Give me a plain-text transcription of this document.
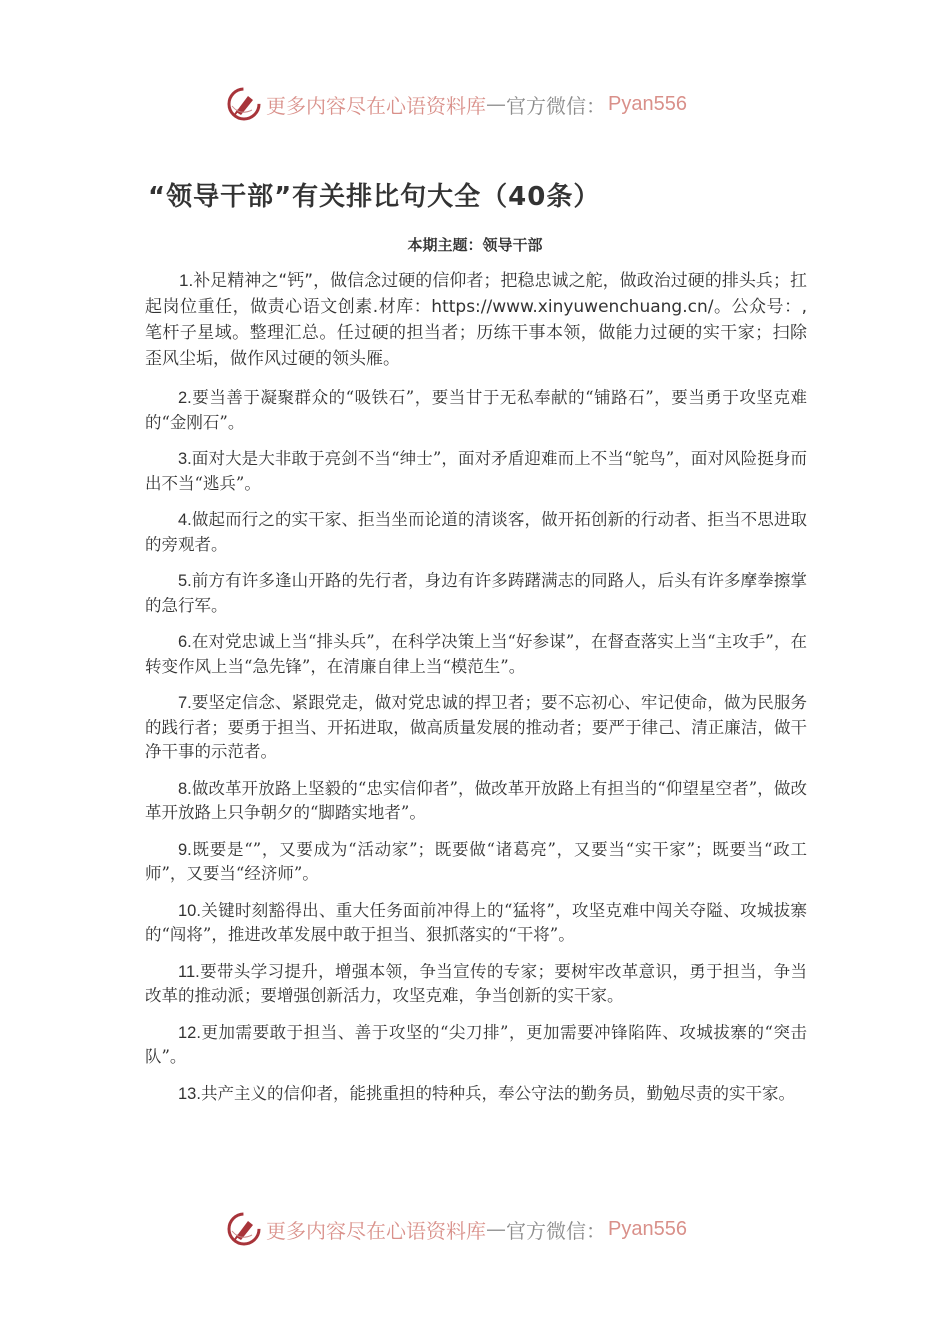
更多内容尽在心语资料库 — 官方微信： Pyan556
“领导干部”有关排比句大全（40条）
本期主题：领导干部

1.补足精神之“钙”，做信念过硬的信仰者；把稳忠诚之舵，做政治过硬的排头兵；扛起岗位重任，做责心语文创素.材库：https://www.xinyuwenchuang.cn/。公众号：,笔杆子星域。整理汇总。任过硬的担当者；历练干事本领，做能力过硬的实干家；扫除歪风尘垢，做作风过硬的领头雁。

2.要当善于凝聚群众的“吸铁石”，要当甘于无私奉献的“铺路石”，要当勇于攻坚克难的“金刚石”。

3.面对大是大非敢于亮剑不当“绅士”，面对矛盾迎难而上不当“鸵鸟”，面对风险挺身而出不当“逃兵”。

4.做起而行之的实干家、拒当坐而论道的清谈客，做开拓创新的行动者、拒当不思进取的旁观者。

5.前方有许多逢山开路的先行者，身边有许多踌躇满志的同路人，后头有许多摩拳擦掌的急行军。

6.在对党忠诚上当“排头兵”，在科学决策上当“好参谋”，在督查落实上当“主攻手”，在转变作风上当“急先锋”，在清廉自律上当“模范生”。

7.要坚定信念、紧跟党走，做对党忠诚的捍卫者；要不忘初心、牢记使命，做为民服务的践行者；要勇于担当、开拓进取，做高质量发展的推动者；要严于律己、清正廉洁，做干净干事的示范者。

8.做改革开放路上坚毅的“忠实信仰者”，做改革开放路上有担当的“仰望星空者”，做改革开放路上只争朝夕的“脚踏实地者”。

9.既要是“”，又要成为“活动家”；既要做“诸葛亮”，又要当“实干家”；既要当“政工师”，又要当“经济师”。

10.关键时刻豁得出、重大任务面前冲得上的“猛将”，攻坚克难中闯关夺隘、攻城拔寨的“闯将”，推进改革发展中敢于担当、狠抓落实的“干将”。

11.要带头学习提升，增强本领，争当宣传的专家；要树牢改革意识，勇于担当，争当改革的推动派；要增强创新活力，攻坚克难，争当创新的实干家。

12.更加需要敢于担当、善于攻坚的“尖刀排”，更加需要冲锋陷阵、攻城拔寨的“突击队”。

13.共产主义的信仰者，能挑重担的特种兵，奉公守法的勤务员，勤勉尽责的实干家。

更多内容尽在心语资料库 — 官方微信： Pyan556
